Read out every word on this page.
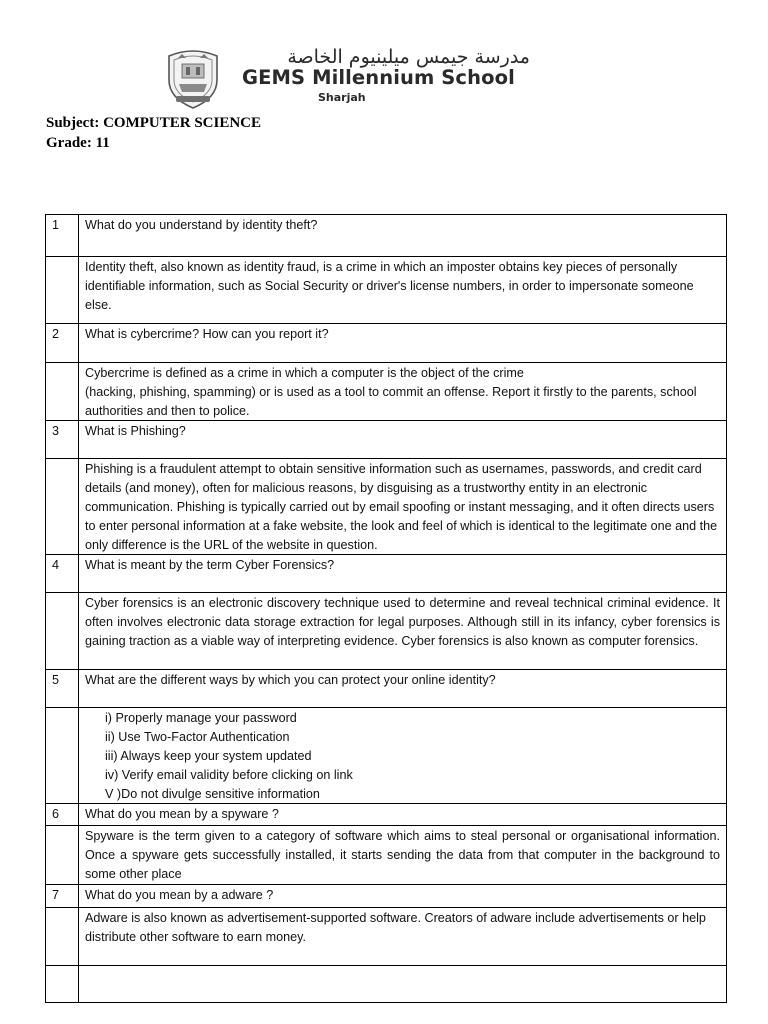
مدرسة جيمس ميلينيوم الخاصة
GEMS Millennium School
Sharjah
Subject: COMPUTER SCIENCE
Grade: 11
1	What do you understand by identity theft?
	Identity theft, also known as identity fraud, is a crime in which an imposter obtains key pieces of personally identifiable information, such as Social Security or driver's license numbers, in order to impersonate someone else.
2	What is cybercrime? How can you report it?

	Cybercrime is defined as a crime in which a computer is the object of the crime
(hacking, phishing, spamming) or is used as a tool to commit an offense. Report it firstly to the parents, school authorities and then to police.

3	What is Phishing?
	Phishing is a fraudulent attempt to obtain sensitive information such as usernames, passwords, and credit card details (and money), often for malicious reasons, by disguising as a trustworthy entity in an electronic communication. Phishing is typically carried out by email spoofing or instant messaging, and it often directs users to enter personal information at a fake website, the look and feel of which is identical to the legitimate one and the only difference is the URL of the website in question.
4	What is meant by the term Cyber Forensics?
	Cyber forensics is an electronic discovery technique used to determine and reveal technical criminal evidence. It often involves electronic data storage extraction for legal purposes. Although still in its infancy, cyber forensics is gaining traction as a viable way of interpreting evidence. Cyber forensics is also known as computer forensics.
5	What are the different ways by which you can protect your online identity?

	i) Properly manage your password
ii) Use Two-Factor Authentication
iii) Always keep your system updated
iv) Verify email validity before clicking on link
V )Do not divulge sensitive information

6	What do you mean by a spyware ?
	Spyware is the term given to a category of software which aims to steal personal or organisational information. Once a spyware gets successfully installed, it starts sending the data from that computer in the background to some other place
7	What do you mean by a adware ?
	Adware is also known as advertisement-supported software. Creators of adware include advertisements or help distribute other software to earn money.
